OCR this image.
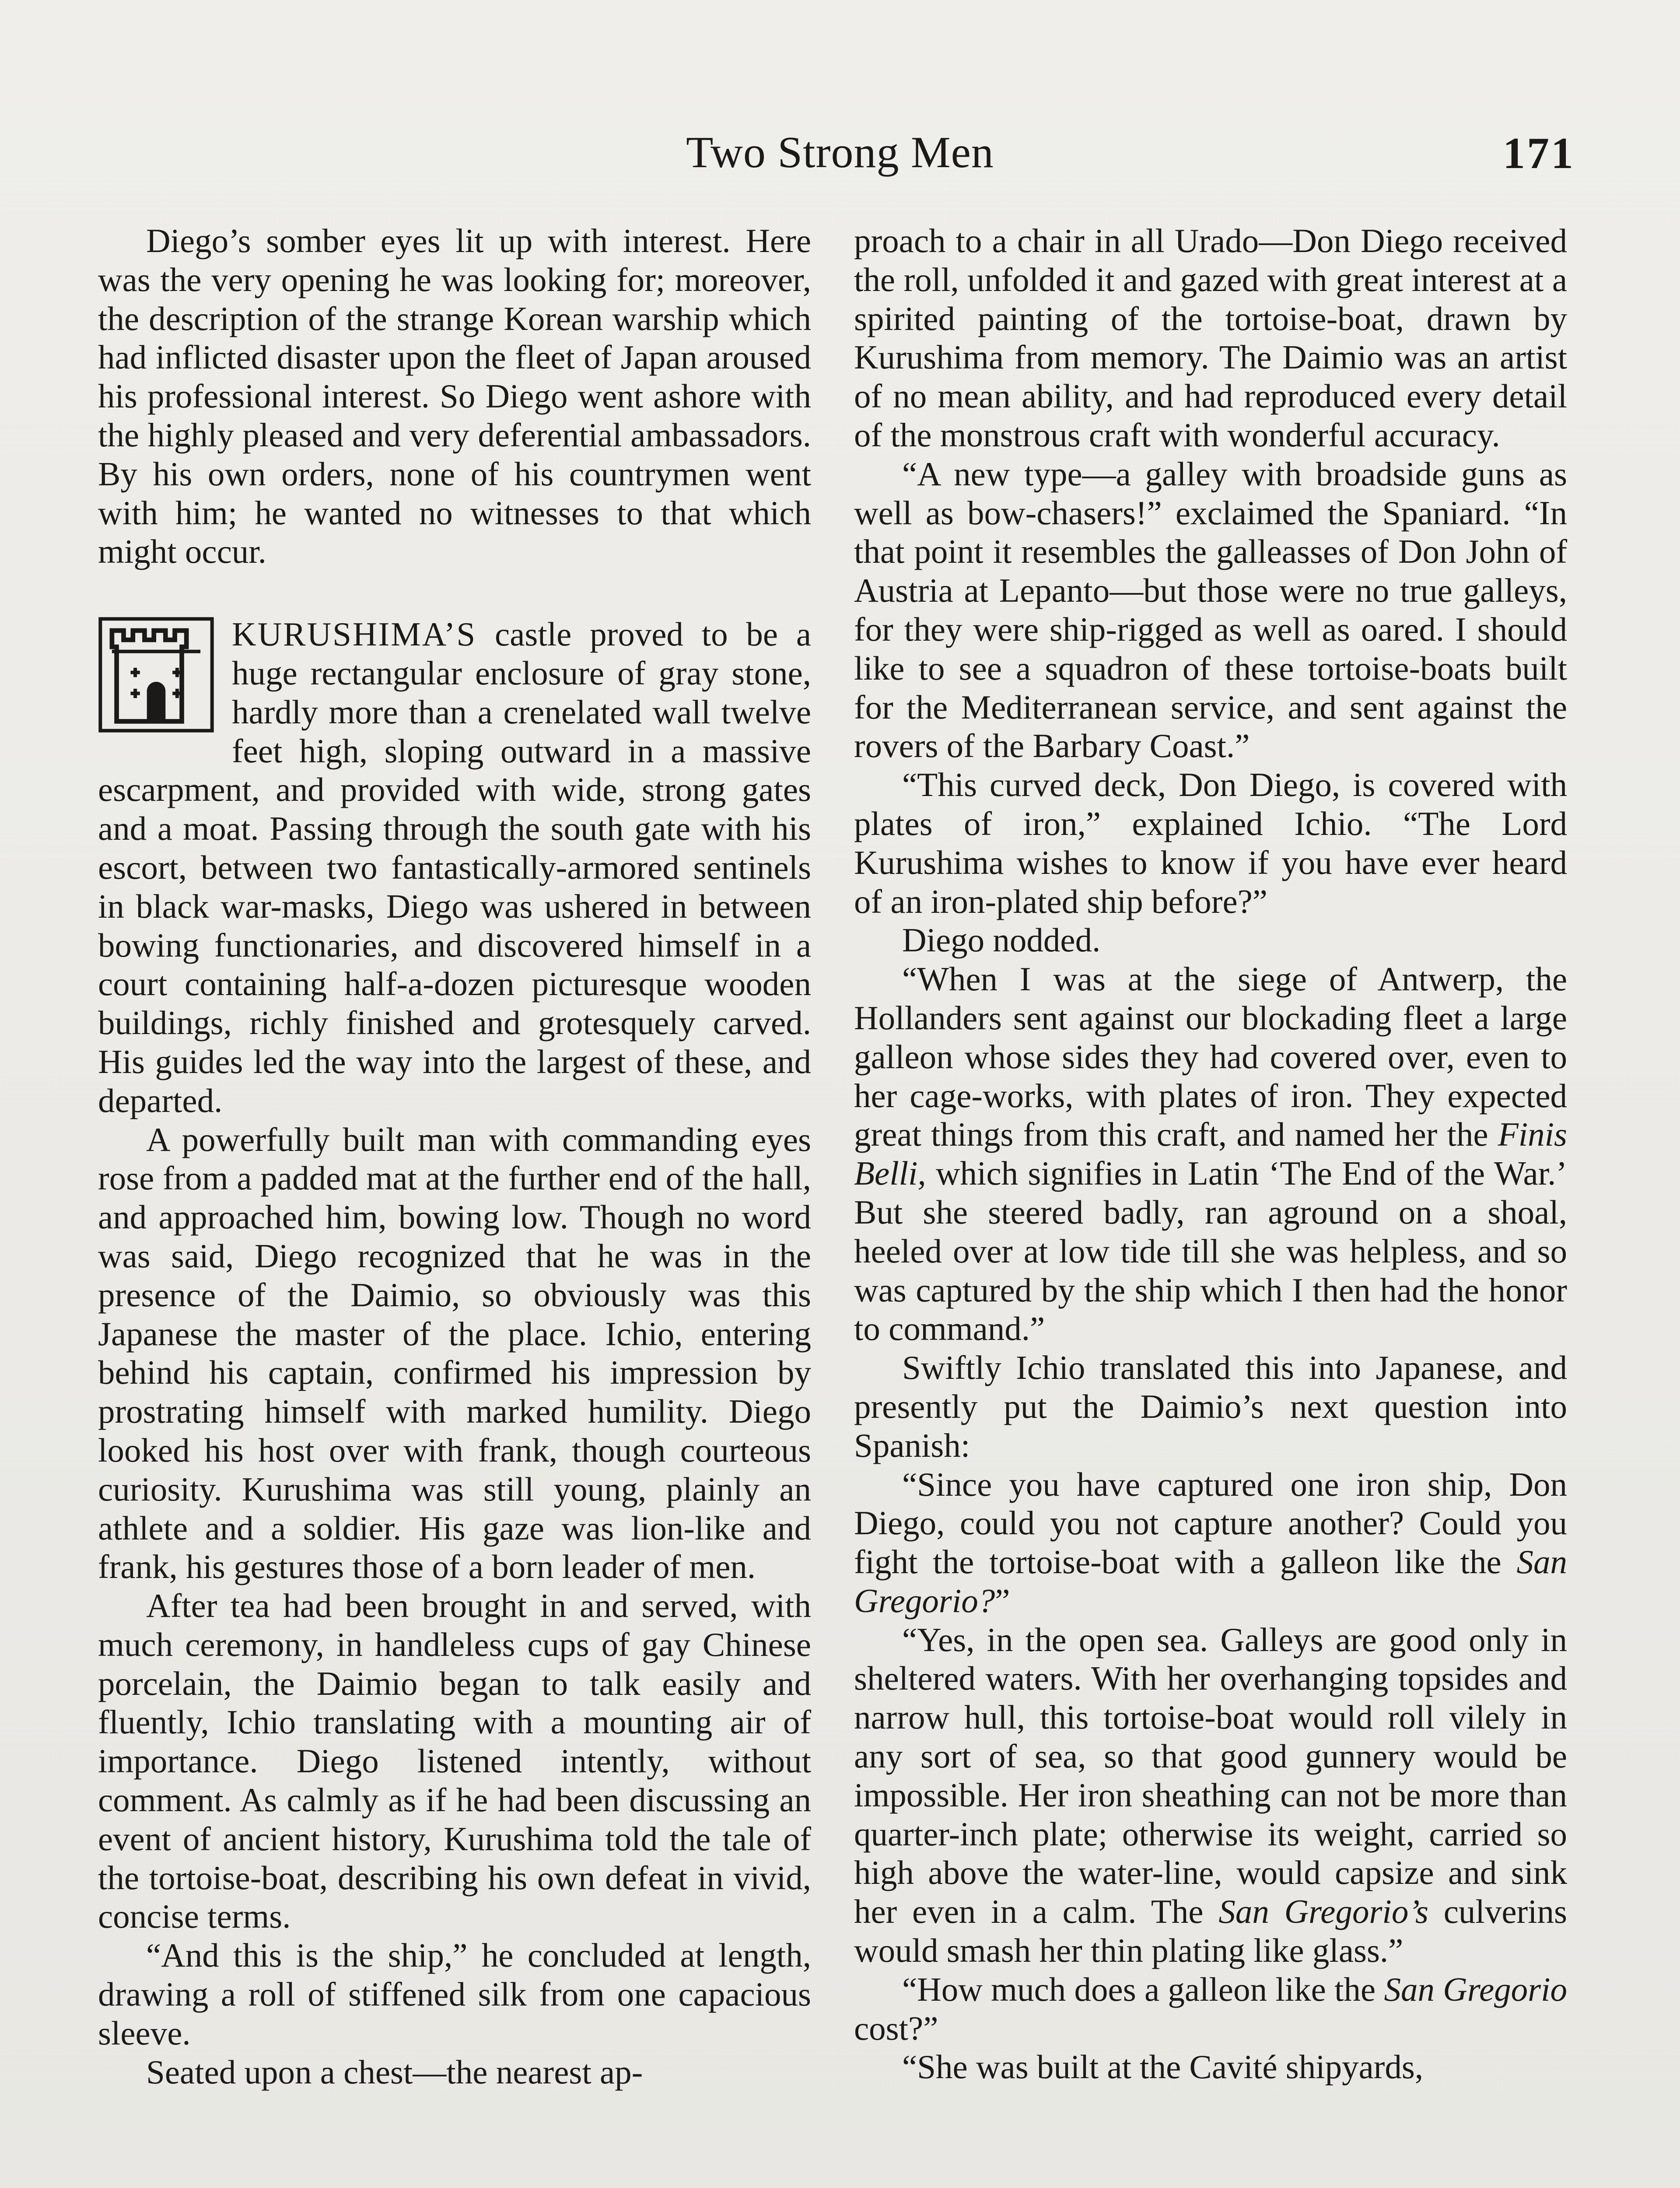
Two Strong Men	171

Diego’s somber eyes lit up with interest. Here was the very opening he was looking for; moreover, the description of the strange Korean warship which had inflicted disaster upon the fleet of Japan aroused his professional interest. So Diego went ashore with the highly pleased and very deferential ambassadors. By his own orders, none of his countrymen went with him; he wanted no witnesses to that which might occur.

KURUSHIMA’S castle proved to be a huge rectangular enclosure of gray stone, hardly more than a crenelated wall twelve feet high, sloping outward in a massive escarpment, and provided with wide, strong gates and a moat. Passing through the south gate with his escort, between two fantastically-armored sentinels in black war-masks, Diego was ushered in between bowing functionaries, and discovered himself in a court containing half-a-dozen picturesque wooden buildings, richly finished and grotesquely carved. His guides led the way into the largest of these, and departed.

A powerfully built man with commanding eyes rose from a padded mat at the further end of the hall, and approached him, bowing low. Though no word was said, Diego recognized that he was in the presence of the Daimio, so obviously was this Japanese the master of the place. Ichio, entering behind his captain, confirmed his impression by prostrating himself with marked humility. Diego looked his host over with frank, though courteous curiosity. Kurushima was still young, plainly an athlete and a soldier. His gaze was lion-like and frank, his gestures those of a born leader of men.

After tea had been brought in and served, with much ceremony, in handleless cups of gay Chinese porcelain, the Daimio began to talk easily and fluently, Ichio translating with a mounting air of importance. Diego listened intently, without comment. As calmly as if he had been discussing an event of ancient history, Kurushima told the tale of the tortoise-boat, describing his own defeat in vivid, concise terms.

“And this is the ship,” he concluded at length, drawing a roll of stiffened silk from one capacious sleeve.

Seated upon a chest—the nearest ap-

proach to a chair in all Urado—Don Diego received the roll, unfolded it and gazed with great interest at a spirited painting of the tortoise-boat, drawn by Kurushima from memory. The Daimio was an artist of no mean ability, and had reproduced every detail of the monstrous craft with wonderful accuracy.

“A new type—a galley with broadside guns as well as bow-chasers!” exclaimed the Spaniard. “In that point it resembles the galleasses of Don John of Austria at Lepanto—but those were no true galleys, for they were ship-rigged as well as oared. I should like to see a squadron of these tortoise-boats built for the Mediterranean service, and sent against the rovers of the Barbary Coast.”

“This curved deck, Don Diego, is covered with plates of iron,” explained Ichio. “The Lord Kurushima wishes to know if you have ever heard of an iron-plated ship before?”

Diego nodded.

“When I was at the siege of Antwerp, the Hollanders sent against our blockading fleet a large galleon whose sides they had covered over, even to her cage-works, with plates of iron. They expected great things from this craft, and named her the Finis Belli, which signifies in Latin ‘The End of the War.’ But she steered badly, ran aground on a shoal, heeled over at low tide till she was helpless, and so was captured by the ship which I then had the honor to command.”

Swiftly Ichio translated this into Japanese, and presently put the Daimio’s next question into Spanish:

“Since you have captured one iron ship, Don Diego, could you not capture another? Could you fight the tortoise-boat with a galleon like the San Gregorio?”

“Yes, in the open sea. Galleys are good only in sheltered waters. With her overhanging topsides and narrow hull, this tortoise-boat would roll vilely in any sort of sea, so that good gunnery would be impossible. Her iron sheathing can not be more than quarter-inch plate; otherwise its weight, carried so high above the water-line, would capsize and sink her even in a calm. The San Gregorio’s culverins would smash her thin plating like glass.”

“How much does a galleon like the San Gregorio cost?”

“She was built at the Cavité shipyards,
